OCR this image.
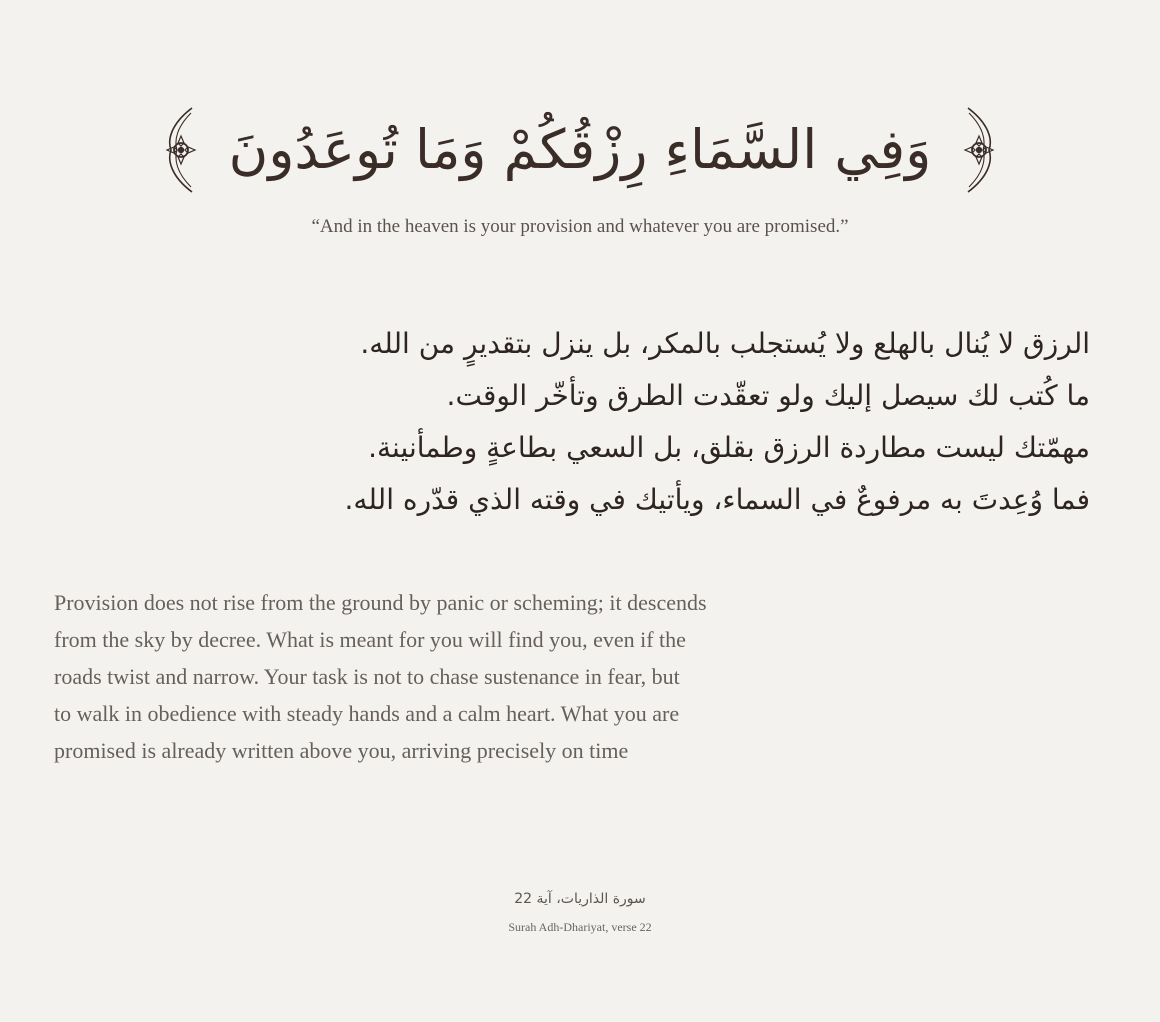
وَفِي السَّمَاءِ رِزْقُكُمْ وَمَا تُوعَدُونَ
“And in the heaven is your provision and whatever you are promised.”
الرزق لا يُنال بالهلع ولا يُستجلب بالمكر، بل ينزل بتقديرٍ من الله.
ما كُتب لك سيصل إليك ولو تعقّدت الطرق وتأخّر الوقت.
مهمّتك ليست مطاردة الرزق بقلق، بل السعي بطاعةٍ وطمأنينة.
فما وُعِدتَ به مرفوعٌ في السماء، ويأتيك في وقته الذي قدّره الله.
Provision does not rise from the ground by panic or scheming; it descends
from the sky by decree. What is meant for you will find you, even if the
roads twist and narrow. Your task is not to chase sustenance in fear, but
to walk in obedience with steady hands and a calm heart. What you are
promised is already written above you, arriving precisely on time
سورة الذاريات، آية 22
Surah Adh-Dhariyat, verse 22
